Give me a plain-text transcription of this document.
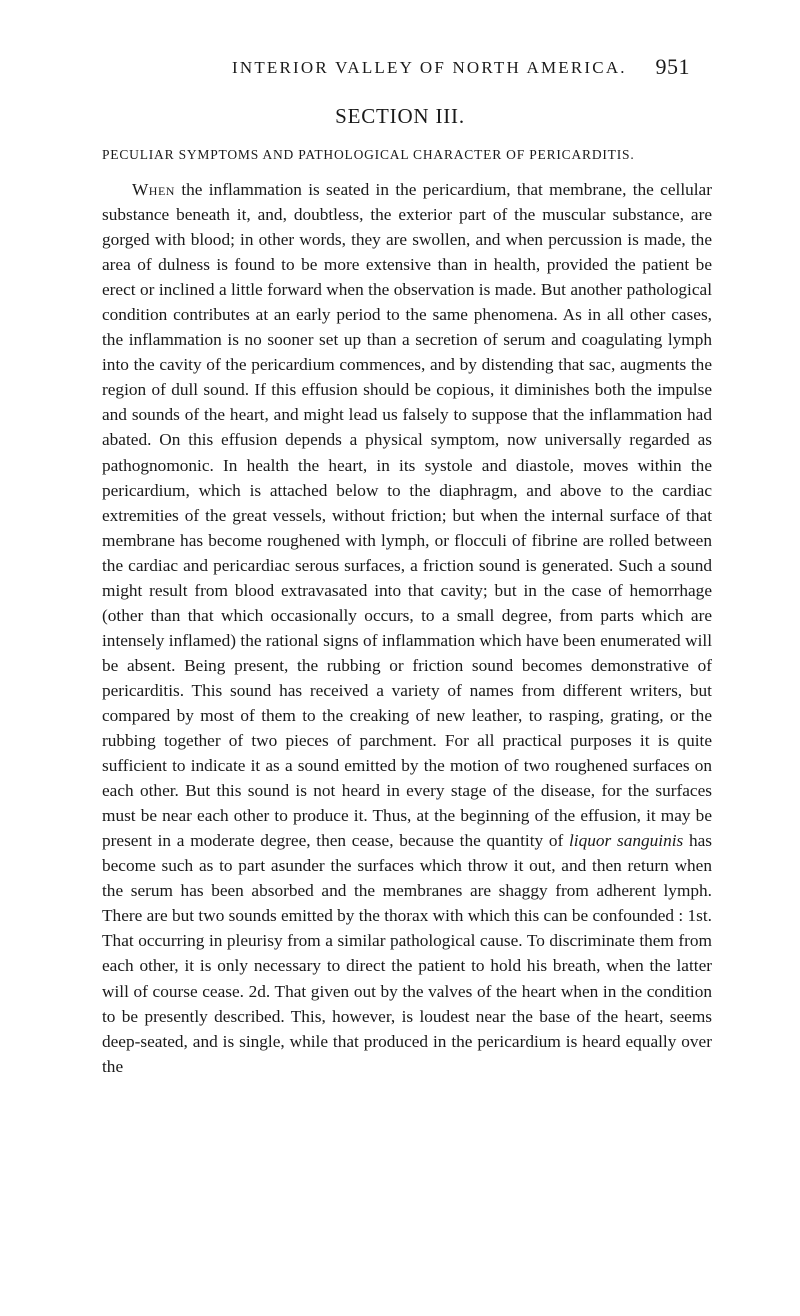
INTERIOR VALLEY OF NORTH AMERICA. 951
SECTION III.
PECULIAR SYMPTOMS AND PATHOLOGICAL CHARACTER OF PERICARDITIS.

When the inflammation is seated in the pericardium, that membrane, the cellular substance beneath it, and, doubtless, the exterior part of the muscular substance, are gorged with blood; in other words, they are swollen, and when percussion is made, the area of dulness is found to be more extensive than in health, provided the patient be erect or inclined a little forward when the observation is made. But another pathological condition contributes at an early period to the same phenomena. As in all other cases, the inflammation is no sooner set up than a secretion of serum and coagulating lymph into the cavity of the pericardium commences, and by distending that sac, augments the region of dull sound. If this effusion should be copious, it diminishes both the impulse and sounds of the heart, and might lead us falsely to suppose that the inflammation had abated. On this effusion depends a physical symptom, now universally regarded as pathognomonic. In health the heart, in its systole and diastole, moves within the pericardium, which is attached below to the diaphragm, and above to the cardiac extremities of the great vessels, without friction; but when the internal surface of that membrane has become roughened with lymph, or flocculi of fibrine are rolled between the cardiac and pericardiac serous surfaces, a friction sound is generated. Such a sound might result from blood extravasated into that cavity; but in the case of hemorrhage (other than that which occasionally occurs, to a small degree, from parts which are intensely inflamed) the rational signs of inflammation which have been enumerated will be absent. Being present, the rubbing or friction sound becomes demonstrative of pericarditis. This sound has received a variety of names from different writers, but compared by most of them to the creaking of new leather, to rasping, grating, or the rubbing together of two pieces of parchment. For all practical purposes it is quite sufficient to indicate it as a sound emitted by the motion of two roughened surfaces on each other. But this sound is not heard in every stage of the disease, for the surfaces must be near each other to produce it. Thus, at the beginning of the effusion, it may be present in a moderate degree, then cease, because the quantity of liquor sanguinis has become such as to part asunder the surfaces which throw it out, and then return when the serum has been absorbed and the membranes are shaggy from adherent lymph. There are but two sounds emitted by the thorax with which this can be confounded : 1st. That occurring in pleurisy from a similar pathological cause. To discriminate them from each other, it is only necessary to direct the patient to hold his breath, when the latter will of course cease. 2d. That given out by the valves of the heart when in the condition to be presently described. This, however, is loudest near the base of the heart, seems deep-seated, and is single, while that produced in the pericardium is heard equally over the
